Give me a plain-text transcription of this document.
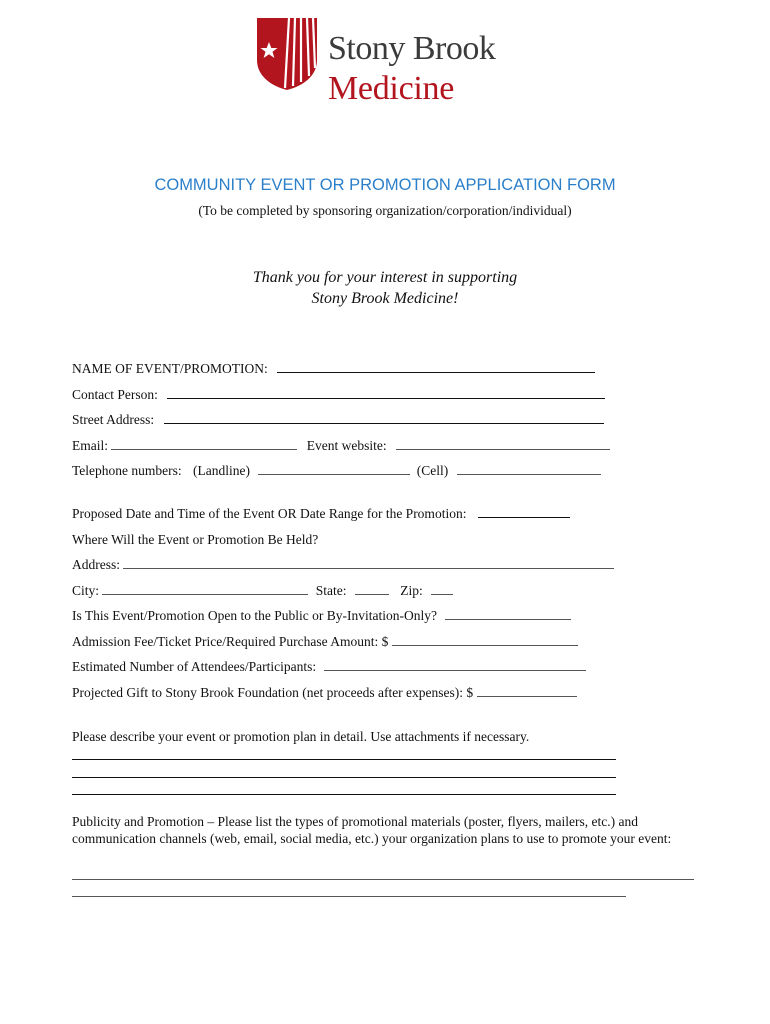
Stony Brook
Medicine
COMMUNITY EVENT OR PROMOTION APPLICATION FORM
(To be completed by sponsoring organization/corporation/individual)
Thank you for your interest in supporting
Stony Brook Medicine!
NAME OF EVENT/PROMOTION:
Contact Person:
Street Address:
Email:	Event website:
Telephone numbers: (Landline)	(Cell)
Proposed Date and Time of the Event OR Date Range for the Promotion:
Where Will the Event or Promotion Be Held?
Address:
City:	State:	Zip:
Is This Event/Promotion Open to the Public or By-Invitation-Only?
Admission Fee/Ticket Price/Required Purchase Amount: $
Estimated Number of Attendees/Participants:
Projected Gift to Stony Brook Foundation (net proceeds after expenses): $
Please describe your event or promotion plan in detail. Use attachments if necessary.
Publicity and Promotion – Please list the types of promotional materials (poster, flyers, mailers, etc.) and communication channels (web, email, social media, etc.) your organization plans to use to promote your event:
